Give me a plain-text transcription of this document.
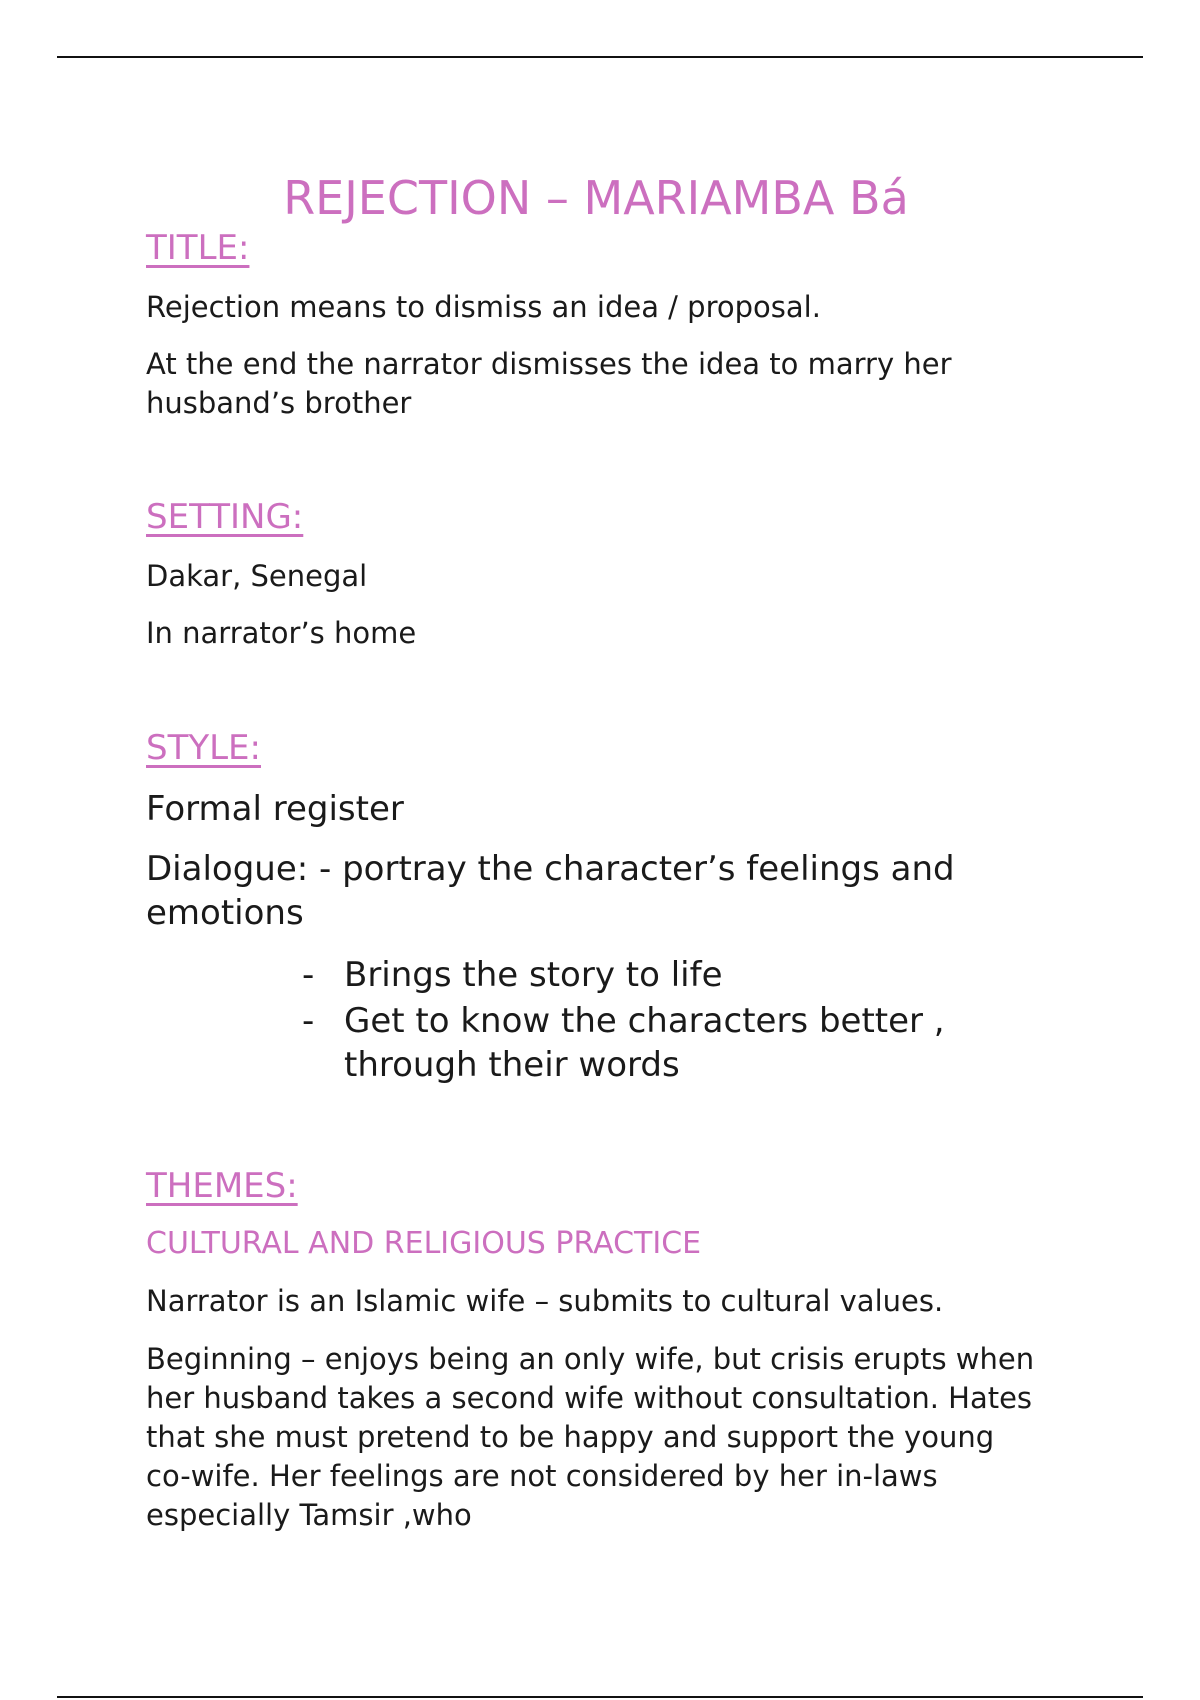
REJECTION – MARIAMBA Bá
TITLE:

Rejection means to dismiss an idea / proposal.

At the end the narrator dismisses the idea to marry her husband’s brother

SETTING:

Dakar, Senegal

In narrator’s home

STYLE:

Formal register

Dialogue: - portray the character’s feelings and emotions

- Brings the story to life
- Get to know the characters better , through their words
THEMES:
CULTURAL AND RELIGIOUS PRACTICE

Narrator is an Islamic wife – submits to cultural values.

Beginning – enjoys being an only wife, but crisis erupts when her husband takes a second wife without consultation. Hates that she must pretend to be happy and support the young co-wife. Her feelings are not considered by her in-laws especially Tamsir ,who
